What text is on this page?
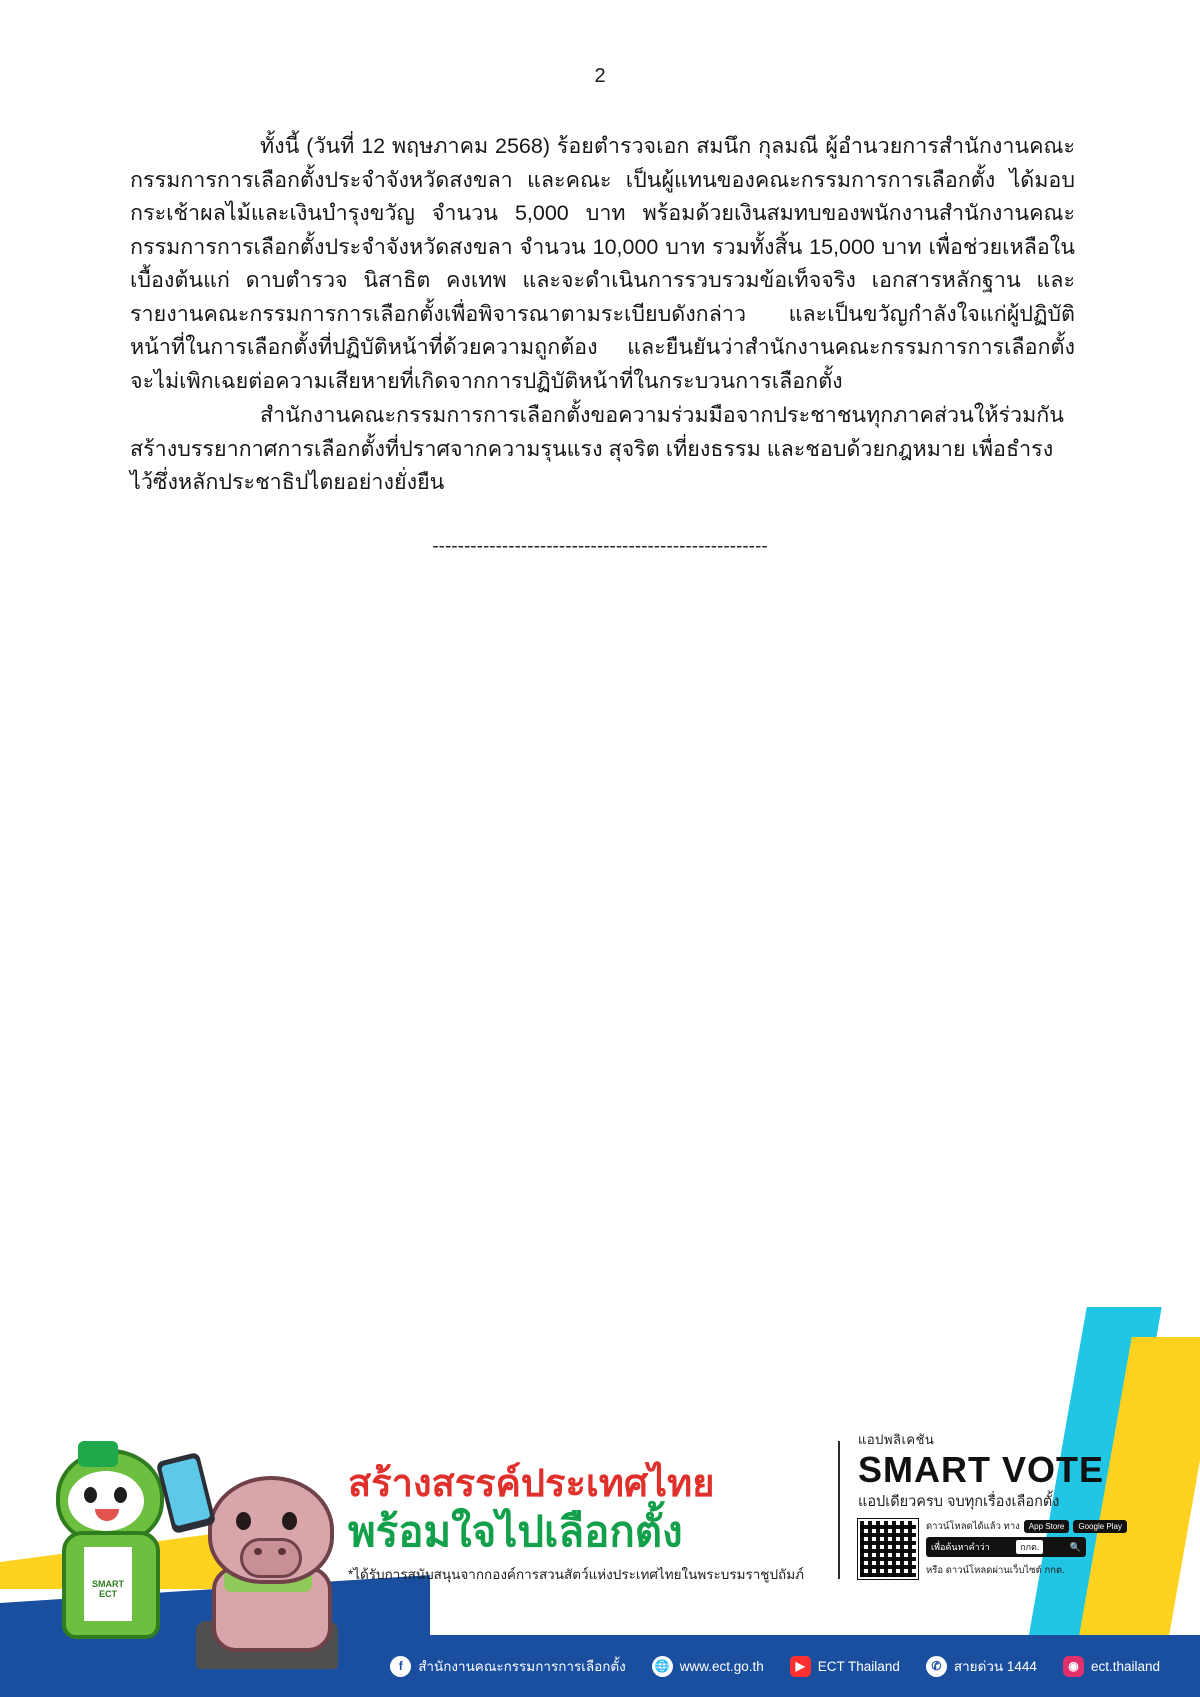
2

ทั้งนี้ (วันที่ 12 พฤษภาคม 2568) ร้อยตำรวจเอก สมนึก กุลมณี ผู้อำนวยการสำนักงานคณะกรรมการการเลือกตั้งประจำจังหวัดสงขลา และคณะ เป็นผู้แทนของคณะกรรมการการเลือกตั้ง ได้มอบกระเช้าผลไม้และเงินบำรุงขวัญ จำนวน 5,000 บาท พร้อมด้วยเงินสมทบของพนักงานสำนักงานคณะกรรมการการเลือกตั้งประจำจังหวัดสงขลา จำนวน 10,000 บาท รวมทั้งสิ้น 15,000 บาท เพื่อช่วยเหลือในเบื้องต้นแก่ ดาบตำรวจ นิสาธิต คงเทพ และจะดำเนินการรวบรวมข้อเท็จจริง เอกสารหลักฐาน และรายงานคณะกรรมการการเลือกตั้งเพื่อพิจารณาตามระเบียบดังกล่าว และเป็นขวัญกำลังใจแก่ผู้ปฏิบัติหน้าที่ในการเลือกตั้งที่ปฏิบัติหน้าที่ด้วยความถูกต้อง และยืนยันว่าสำนักงานคณะกรรมการการเลือกตั้งจะไม่เพิกเฉยต่อความเสียหายที่เกิดจากการปฏิบัติหน้าที่ในกระบวนการเลือกตั้ง

สำนักงานคณะกรรมการการเลือกตั้งขอความร่วมมือจากประชาชนทุกภาคส่วนให้ร่วมกันสร้างบรรยากาศการเลือกตั้งที่ปราศจากความรุนแรง สุจริต เที่ยงธรรม และชอบด้วยกฎหมาย เพื่อธำรงไว้ซึ่งหลักประชาธิปไตยอย่างยั่งยืน

-----------------------------------------------------
SMART ECT
สร้างสรรค์ประเทศไทย
พร้อมใจไปเลือกตั้ง
*ได้รับการสนับสนุนจากกองค์การสวนสัตว์แห่งประเทศไทยในพระบรมราชูปถัมภ์
แอปพลิเคชัน
SMART VOTE
แอปเดียวครบ จบทุกเรื่องเลือกตั้ง
ดาวน์โหลดได้แล้ว ทาง	App Store	Google Play
เพื่อค้นหาคำว่า	กกต.	🔍
หรือ ดาวน์โหลดผ่านเว็บไซต์ กกต.
f	สำนักงานคณะกรรมการการเลือกตั้ง 🌐 www.ect.go.th	▶ ECT Thailand	✆ สายด่วน 1444	◉ ect.thailand
